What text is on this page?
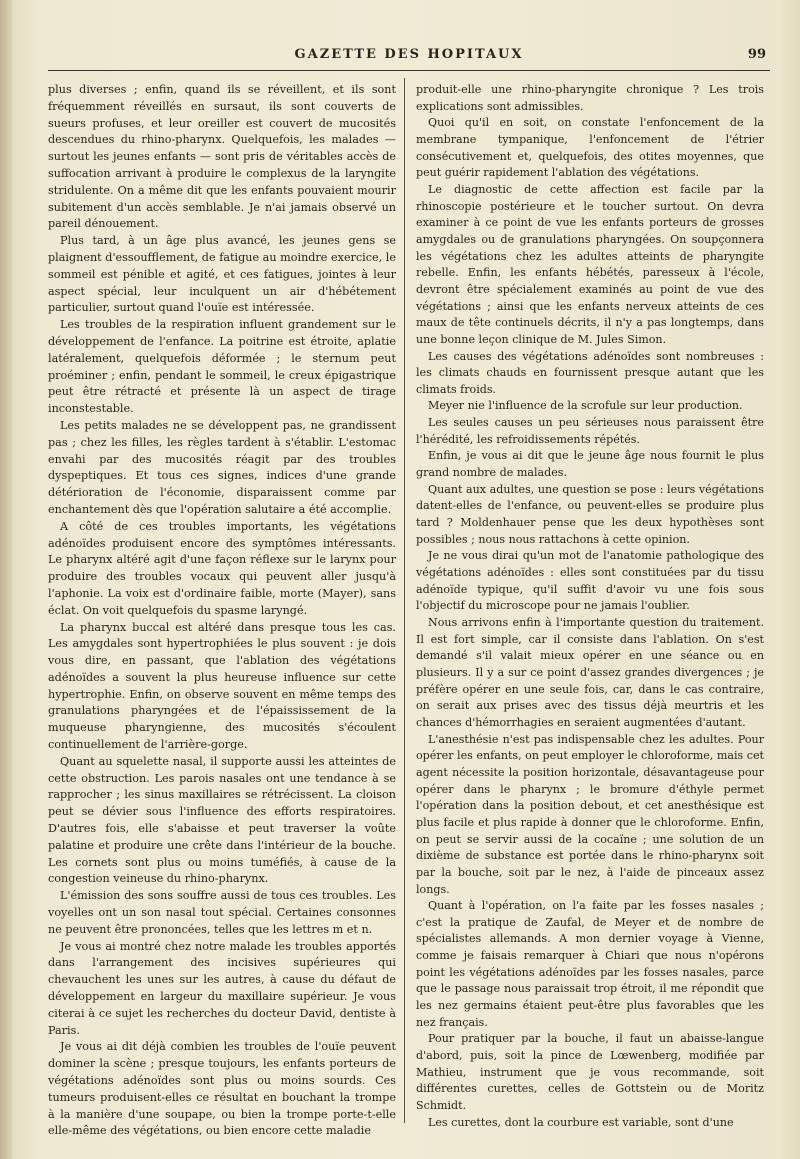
GAZETTE DES HOPITAUX	99

plus diverses ; enfin, quand ils se réveillent, et ils sont fréquemment réveillés en sursaut, ils sont couverts de sueurs profuses, et leur oreiller est couvert de mucosités descendues du rhino-pharynx. Quelquefois, les malades — surtout les jeunes enfants — sont pris de véritables accès de suffocation arrivant à produire le complexus de la laryngite stridulente. On a même dit que les enfants pouvaient mourir subitement d'un accès semblable. Je n'ai jamais observé un pareil dénouement.

Plus tard, à un âge plus avancé, les jeunes gens se plaignent d'essoufflement, de fatigue au moindre exercice, le sommeil est pénible et agité, et ces fatigues, jointes à leur aspect spécial, leur inculquent un air d'hébétement particulier, surtout quand l'ouïe est intéressée.

Les troubles de la respiration influent grandement sur le développement de l'enfance. La poitrine est étroite, aplatie latéralement, quelquefois déformée ; le sternum peut proéminer ; enfin, pendant le sommeil, le creux épigastrique peut être rétracté et présente là un aspect de tirage inconstestable.

Les petits malades ne se développent pas, ne grandissent pas ; chez les filles, les règles tardent à s'établir. L'estomac envahi par des mucosités réagit par des troubles dyspeptiques. Et tous ces signes, indices d'une grande détérioration de l'économie, disparaissent comme par enchantement dès que l'opération salutaire a été accomplie.

A côté de ces troubles importants, les végétations adénoïdes produisent encore des symptômes intéressants. Le pharynx altéré agit d'une façon réflexe sur le larynx pour produire des troubles vocaux qui peuvent aller jusqu'à l'aphonie. La voix est d'ordinaire faible, morte (Mayer), sans éclat. On voit quelquefois du spasme laryngé.

La pharynx buccal est altéré dans presque tous les cas. Les amygdales sont hypertrophiées le plus souvent : je dois vous dire, en passant, que l'ablation des végétations adénoïdes a souvent la plus heureuse influence sur cette hypertrophie. Enfin, on observe souvent en même temps des granulations pharyngées et de l'épaississement de la muqueuse pharyngienne, des mucosités s'écoulent continuellement de l'arrière-gorge.

Quant au squelette nasal, il supporte aussi les atteintes de cette obstruction. Les parois nasales ont une tendance à se rapprocher ; les sinus maxillaires se rétrécissent. La cloison peut se dévier sous l'influence des efforts respiratoires. D'autres fois, elle s'abaisse et peut traverser la voûte palatine et produire une crête dans l'intérieur de la bouche. Les cornets sont plus ou moins tuméfiés, à cause de la congestion veineuse du rhino-pharynx.

L'émission des sons souffre aussi de tous ces troubles. Les voyelles ont un son nasal tout spécial. Certaines consonnes ne peuvent être prononcées, telles que les lettres m et n.

Je vous ai montré chez notre malade les troubles apportés dans l'arrangement des incisives supérieures qui chevauchent les unes sur les autres, à cause du défaut de développement en largeur du maxillaire supérieur. Je vous citerai à ce sujet les recherches du docteur David, dentiste à Paris.

Je vous ai dit déjà combien les troubles de l'ouïe peuvent dominer la scène ; presque toujours, les enfants porteurs de végétations adénoïdes sont plus ou moins sourds. Ces tumeurs produisent-elles ce résultat en bouchant la trompe à la manière d'une soupape, ou bien la trompe porte-t-elle elle-même des végétations, ou bien encore cette maladie

produit-elle une rhino-pharyngite chronique ? Les trois explications sont admissibles.

Quoi qu'il en soit, on constate l'enfoncement de la membrane tympanique, l'enfoncement de l'étrier consécutivement et, quelquefois, des otites moyennes, que peut guérir rapidement l'ablation des végétations.

Le diagnostic de cette affection est facile par la rhinoscopie postérieure et le toucher surtout. On devra examiner à ce point de vue les enfants porteurs de grosses amygdales ou de granulations pharyngées. On soupçonnera les végétations chez les adultes atteints de pharyngite rebelle. Enfin, les enfants hébétés, paresseux à l'école, devront être spécialement examinés au point de vue des végétations ; ainsi que les enfants nerveux atteints de ces maux de tête continuels décrits, il n'y a pas longtemps, dans une bonne leçon clinique de M. Jules Simon.

Les causes des végétations adénoïdes sont nombreuses : les climats chauds en fournissent presque autant que les climats froids.

Meyer nie l'influence de la scrofule sur leur production.

Les seules causes un peu sérieuses nous paraissent être l'hérédité, les refroidissements répétés.

Enfin, je vous ai dit que le jeune âge nous fournit le plus grand nombre de malades.

Quant aux adultes, une question se pose : leurs végétations datent-elles de l'enfance, ou peuvent-elles se produire plus tard ? Moldenhauer pense que les deux hypothèses sont possibles ; nous nous rattachons à cette opinion.

Je ne vous dirai qu'un mot de l'anatomie pathologique des végétations adénoïdes : elles sont constituées par du tissu adénoïde typique, qu'il suffit d'avoir vu une fois sous l'objectif du microscope pour ne jamais l'oublier.

Nous arrivons enfin à l'importante question du traitement. Il est fort simple, car il consiste dans l'ablation. On s'est demandé s'il valait mieux opérer en une séance ou en plusieurs. Il y a sur ce point d'assez grandes divergences ; je préfère opérer en une seule fois, car, dans le cas contraire, on serait aux prises avec des tissus déjà meurtris et les chances d'hémorrhagies en seraient augmentées d'autant.

L'anesthésie n'est pas indispensable chez les adultes. Pour opérer les enfants, on peut employer le chloroforme, mais cet agent nécessite la position horizontale, désavantageuse pour opérer dans le pharynx ; le bromure d'éthyle permet l'opération dans la position debout, et cet anesthésique est plus facile et plus rapide à donner que le chloroforme. Enfin, on peut se servir aussi de la cocaïne ; une solution de un dixième de substance est portée dans le rhino-pharynx soit par la bouche, soit par le nez, à l'aide de pinceaux assez longs.

Quant à l'opération, on l'a faite par les fosses nasales ; c'est la pratique de Zaufal, de Meyer et de nombre de spécialistes allemands. A mon dernier voyage à Vienne, comme je faisais remarquer à Chiari que nous n'opérons point les végétations adénoïdes par les fosses nasales, parce que le passage nous paraissait trop étroit, il me répondit que les nez germains étaient peut-être plus favorables que les nez français.

Pour pratiquer par la bouche, il faut un abaisse-langue d'abord, puis, soit la pince de Lœwenberg, modifiée par Mathieu, instrument que je vous recommande, soit différentes curettes, celles de Gottstein ou de Moritz Schmidt.

Les curettes, dont la courbure est variable, sont d'une
